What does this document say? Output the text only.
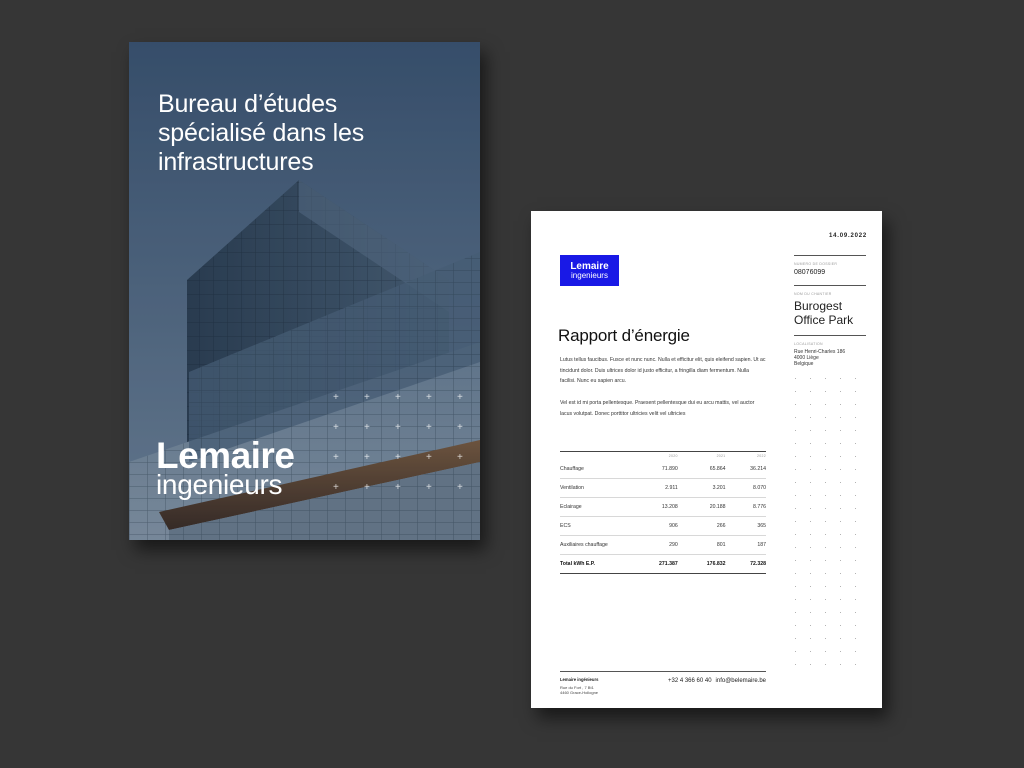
Bureau d’études
spécialisé dans les
infrastructures
+	+	+	+	+
+	+	+	+	+
+	+	+	+	+
+	+	+	+	+
Lemaire
ingenieurs
14.09.2022
Lemaire
ingenieurs
Rapport d’énergie
Lutus tellus faucibus. Fusce et nunc nunc. Nulla et efficitur elit, quis eleifend sapien. Ut ac tincidunt dolor. Duis ultrices dolor id justo efficitur, a fringilla diam fermentum. Nulla facilisi. Nunc eu sapien arcu.
Vel est id mi porta pellentesque. Praesent pellentesque dui eu arcu mattis, vel auctor lacus volutpat. Donec porttitor ultricies velit vel ultricies
NUMERO DE DOSSIER
08076099
NOM DU CHANTIER
Burogest
Office Park
LOCALISATION
Rue Henri-Charles 186
4000 Liège
Belgique
	2020	2021	2022
Chauffage	71.890	65.864	36.214
Ventilation	2.911	3.201	8.070
Eclairage	13.208	20.188	8.776
ECS	906	266	365
Auxiliaires chauffage	290	801	187
Total kWh E.P.	271.387	176.832	72.328
Lemaire ingénieurs
Rue du Fort , 7 Bt1
4460 Grace-Hollogne
+32 4 366 60 40 info@belemaire.be
